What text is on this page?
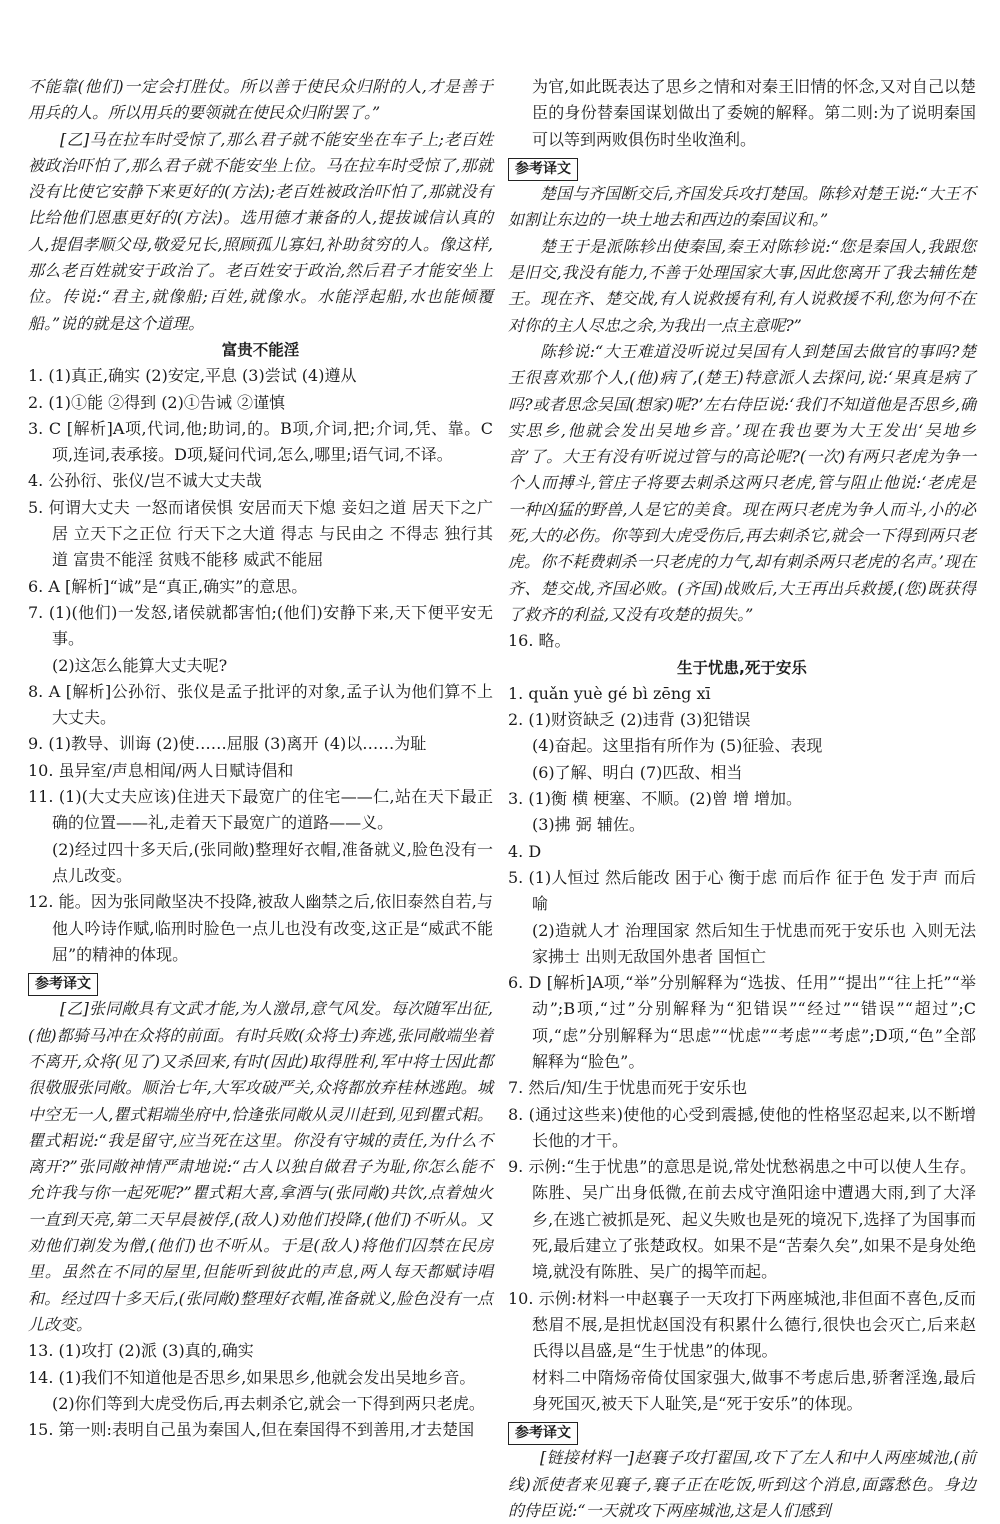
不能靠(他们)一定会打胜仗。所以善于使民众归附的人,才是善于用兵的人。所以用兵的要领就在使民众归附罢了。”
[乙]马在拉车时受惊了,那么君子就不能安坐在车子上;老百姓被政治吓怕了,那么君子就不能安坐上位。马在拉车时受惊了,那就没有比使它安静下来更好的(方法);老百姓被政治吓怕了,那就没有比给他们恩惠更好的(方法)。选用德才兼备的人,提拔诚信认真的人,提倡孝顺父母,敬爱兄长,照顾孤儿寡妇,补助贫穷的人。像这样,那么老百姓就安于政治了。老百姓安于政治,然后君子才能安坐上位。传说:“君主,就像船;百姓,就像水。水能浮起船,水也能倾覆船。”说的就是这个道理。
富贵不能淫
1. (1)真正,确实 (2)安定,平息 (3)尝试 (4)遵从
2. (1)①能 ②得到 (2)①告诫 ②谨慎
3. C [解析]A项,代词,他;助词,的。B项,介词,把;介词,凭、靠。C项,连词,表承接。D项,疑问代词,怎么,哪里;语气词,不译。
4. 公孙衍、张仪/岂不诚大丈夫哉
5. 何谓大丈夫 一怒而诸侯惧 安居而天下熄 妾妇之道 居天下之广居 立天下之正位 行天下之大道 得志 与民由之 不得志 独行其道 富贵不能淫 贫贱不能移 威武不能屈
6. A [解析]“诚”是“真正,确实”的意思。
7. (1)(他们)一发怒,诸侯就都害怕;(他们)安静下来,天下便平安无事。
(2)这怎么能算大丈夫呢?
8. A [解析]公孙衍、张仪是孟子批评的对象,孟子认为他们算不上大丈夫。
9. (1)教导、训诲 (2)使……屈服 (3)离开 (4)以……为耻
10. 虽异室/声息相闻/两人日赋诗倡和
11. (1)(大丈夫应该)住进天下最宽广的住宅——仁,站在天下最正确的位置——礼,走着天下最宽广的道路——义。
(2)经过四十多天后,(张同敞)整理好衣帽,准备就义,脸色没有一点儿改变。
12. 能。因为张同敞坚决不投降,被敌人幽禁之后,依旧泰然自若,与他人吟诗作赋,临刑时脸色一点儿也没有改变,这正是“威武不能屈”的精神的体现。
参考译文
[乙]张同敞具有文武才能,为人激昂,意气风发。每次随军出征,(他)都骑马冲在众将的前面。有时兵败(众将士)奔逃,张同敞端坐着不离开,众将(见了)又杀回来,有时(因此)取得胜利,军中将士因此都很敬服张同敞。顺治七年,大军攻破严关,众将都放弃桂林逃跑。城中空无一人,瞿式耜端坐府中,恰逢张同敞从灵川赶到,见到瞿式耜。瞿式耜说:“我是留守,应当死在这里。你没有守城的责任,为什么不离开?”张同敞神情严肃地说:“古人以独自做君子为耻,你怎么能不允许我与你一起死呢?”瞿式耜大喜,拿酒与(张同敞)共饮,点着烛火一直到天亮,第二天早晨被俘,(敌人)劝他们投降,(他们)不听从。又劝他们剃发为僧,(他们)也不听从。于是(敌人)将他们囚禁在民房里。虽然在不同的屋里,但能听到彼此的声息,两人每天都赋诗唱和。经过四十多天后,(张同敞)整理好衣帽,准备就义,脸色没有一点儿改变。
13. (1)攻打 (2)派 (3)真的,确实
14. (1)我们不知道他是否思乡,如果思乡,他就会发出吴地乡音。
(2)你们等到大虎受伤后,再去刺杀它,就会一下得到两只老虎。
15. 第一则:表明自己虽为秦国人,但在秦国得不到善用,才去楚国
为官,如此既表达了思乡之情和对秦王旧情的怀念,又对自己以楚臣的身份替秦国谋划做出了委婉的解释。第二则:为了说明秦国可以等到两败俱伤时坐收渔利。
参考译文
楚国与齐国断交后,齐国发兵攻打楚国。陈轸对楚王说:“大王不如割让东边的一块土地去和西边的秦国议和。”
楚王于是派陈轸出使秦国,秦王对陈轸说:“您是秦国人,我跟您是旧交,我没有能力,不善于处理国家大事,因此您离开了我去辅佐楚王。现在齐、楚交战,有人说救援有利,有人说救援不利,您为何不在对你的主人尽忠之余,为我出一点主意呢?”
陈轸说:“大王难道没听说过吴国有人到楚国去做官的事吗?楚王很喜欢那个人,(他)病了,(楚王)特意派人去探问,说:‘果真是病了吗?或者思念吴国(想家)呢?’左右侍臣说:‘我们不知道他是否思乡,确实思乡,他就会发出吴地乡音。’现在我也要为大王发出‘吴地乡音’了。大王有没有听说过管与的高论呢?(一次)有两只老虎为争一个人而搏斗,管庄子将要去刺杀这两只老虎,管与阻止他说:‘老虎是一种凶猛的野兽,人是它的美食。现在两只老虎为争人而斗,小的必死,大的必伤。你等到大虎受伤后,再去刺杀它,就会一下得到两只老虎。你不耗费刺杀一只老虎的力气,却有刺杀两只老虎的名声。’现在齐、楚交战,齐国必败。(齐国)战败后,大王再出兵救援,(您)既获得了救齐的利益,又没有攻楚的损失。”
16. 略。
生于忧患,死于安乐
1. quǎn yuè gé bì zēng xī
2. (1)财资缺乏 (2)违背 (3)犯错误
(4)奋起。这里指有所作为 (5)征验、表现
(6)了解、明白 (7)匹敌、相当
3. (1)衡 横 梗塞、不顺。(2)曾 增 增加。
(3)拂 弼 辅佐。
4. D
5. (1)人恒过 然后能改 困于心 衡于虑 而后作 征于色 发于声 而后喻
(2)造就人才 治理国家 然后知生于忧患而死于安乐也 入则无法家拂士 出则无敌国外患者 国恒亡
6. D [解析]A项,“举”分别解释为“选拔、任用”“提出”“往上托”“举动”;B项,“过”分别解释为“犯错误”“经过”“错误”“超过”;C项,“虑”分别解释为“思虑”“忧虑”“考虑”“考虑”;D项,“色”全部解释为“脸色”。
7. 然后/知/生于忧患而死于安乐也
8. (通过这些来)使他的心受到震撼,使他的性格坚忍起来,以不断增长他的才干。
9. 示例:“生于忧患”的意思是说,常处忧愁祸患之中可以使人生存。陈胜、吴广出身低微,在前去戍守渔阳途中遭遇大雨,到了大泽乡,在逃亡被抓是死、起义失败也是死的境况下,选择了为国事而死,最后建立了张楚政权。如果不是“苦秦久矣”,如果不是身处绝境,就没有陈胜、吴广的揭竿而起。
10. 示例:材料一中赵襄子一天攻打下两座城池,非但面不喜色,反而愁眉不展,是担忧赵国没有积累什么德行,很快也会灭亡,后来赵氏得以昌盛,是“生于忧患”的体现。
材料二中隋炀帝倚仗国家强大,做事不考虑后患,骄奢淫逸,最后身死国灭,被天下人耻笑,是“死于安乐”的体现。
参考译文
[链接材料一]赵襄子攻打翟国,攻下了左人和中人两座城池,(前线)派使者来见襄子,襄子正在吃饭,听到这个消息,面露愁色。身边的侍臣说:“一天就攻下两座城池,这是人们感到
